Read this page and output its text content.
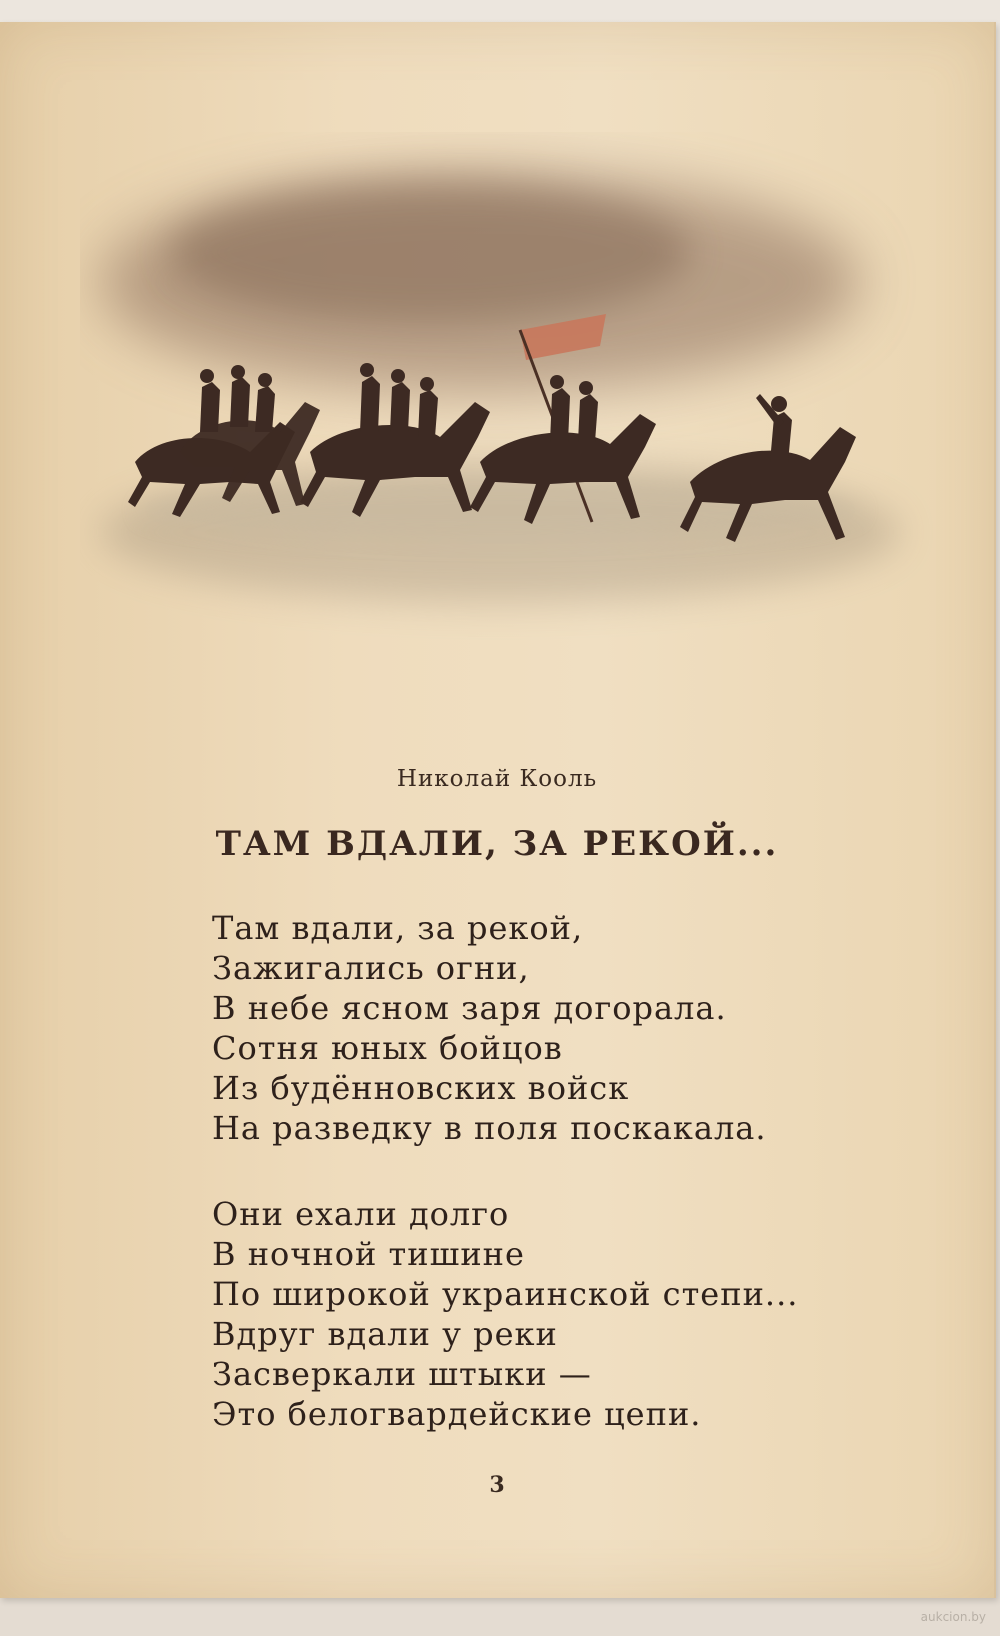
Николай Кооль
ТАМ ВДАЛИ, ЗА РЕКОЙ...
Там вдали, за рекой,
Зажигались огни,
В небе ясном заря догорала.
Сотня юных бойцов
Из будённовских войск
На разведку в поля поскакала.
Они ехали долго
В ночной тишине
По широкой украинской степи...
Вдруг вдали у реки
Засверкали штыки —
Это белогвардейские цепи.
3
aukcion.by
